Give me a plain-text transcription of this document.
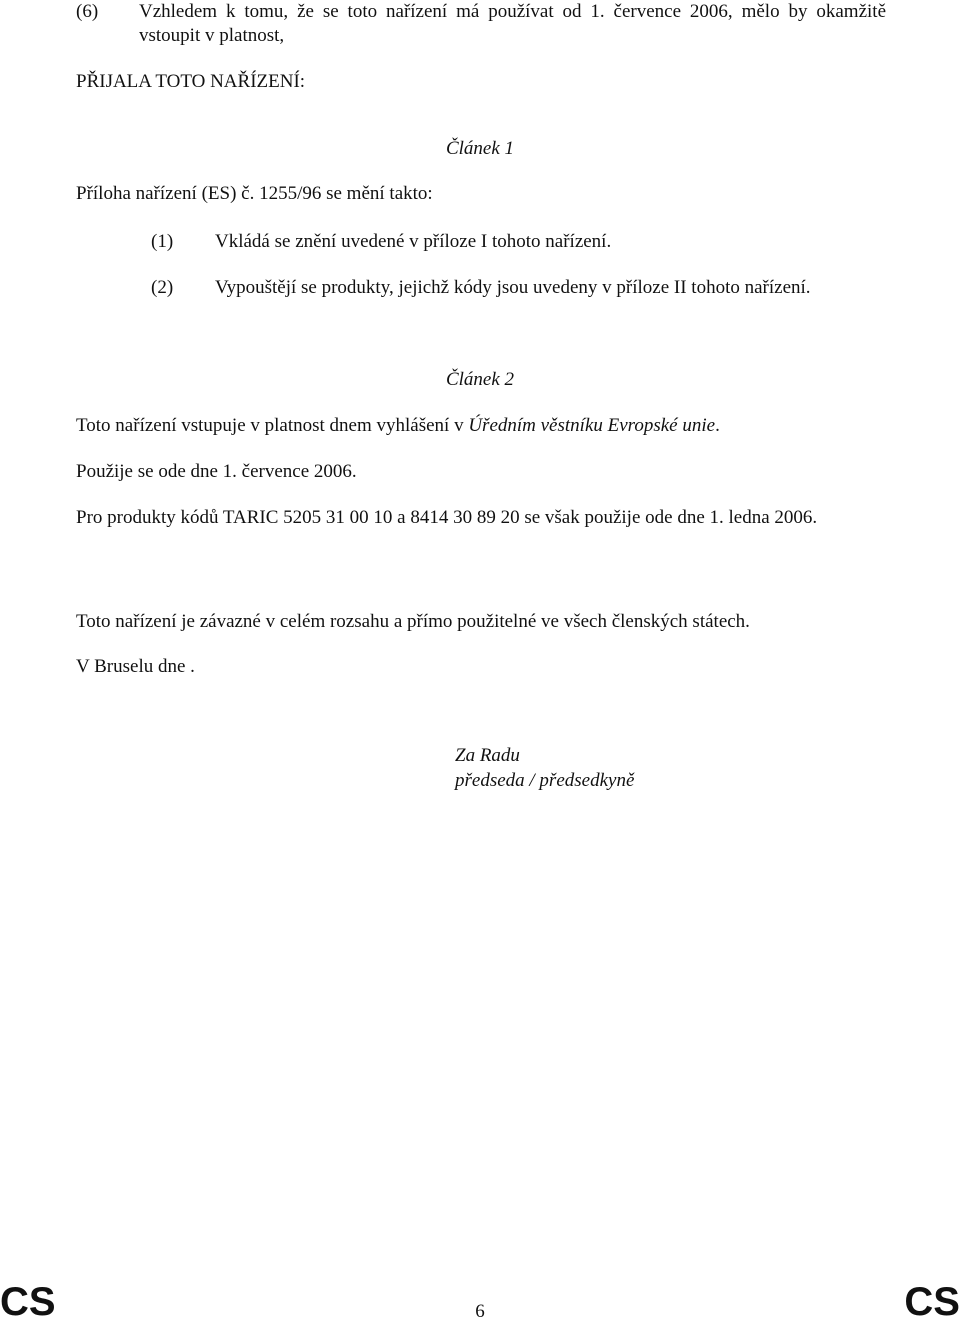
(6) Vzhledem k tomu, že se toto nařízení má používat od 1. července 2006, mělo by okamžitě vstoupit v platnost,

PŘIJALA TOTO NAŘÍZENÍ:

Článek 1

Příloha nařízení (ES) č. 1255/96 se mění takto:

(1) Vkládá se znění uvedené v příloze I tohoto nařízení.

(2) Vypouštějí se produkty, jejichž kódy jsou uvedeny v příloze II tohoto nařízení.

Článek 2

Toto nařízení vstupuje v platnost dnem vyhlášení v Úředním věstníku Evropské unie.

Použije se ode dne 1. července 2006.

Pro produkty kódů TARIC 5205 31 00 10 a 8414 30 89 20 se však použije ode dne 1. ledna 2006.

Toto nařízení je závazné v celém rozsahu a přímo použitelné ve všech členských státech.

V Bruselu dne .

Za Radu

předseda / předsedkyně

CS	6	CS
